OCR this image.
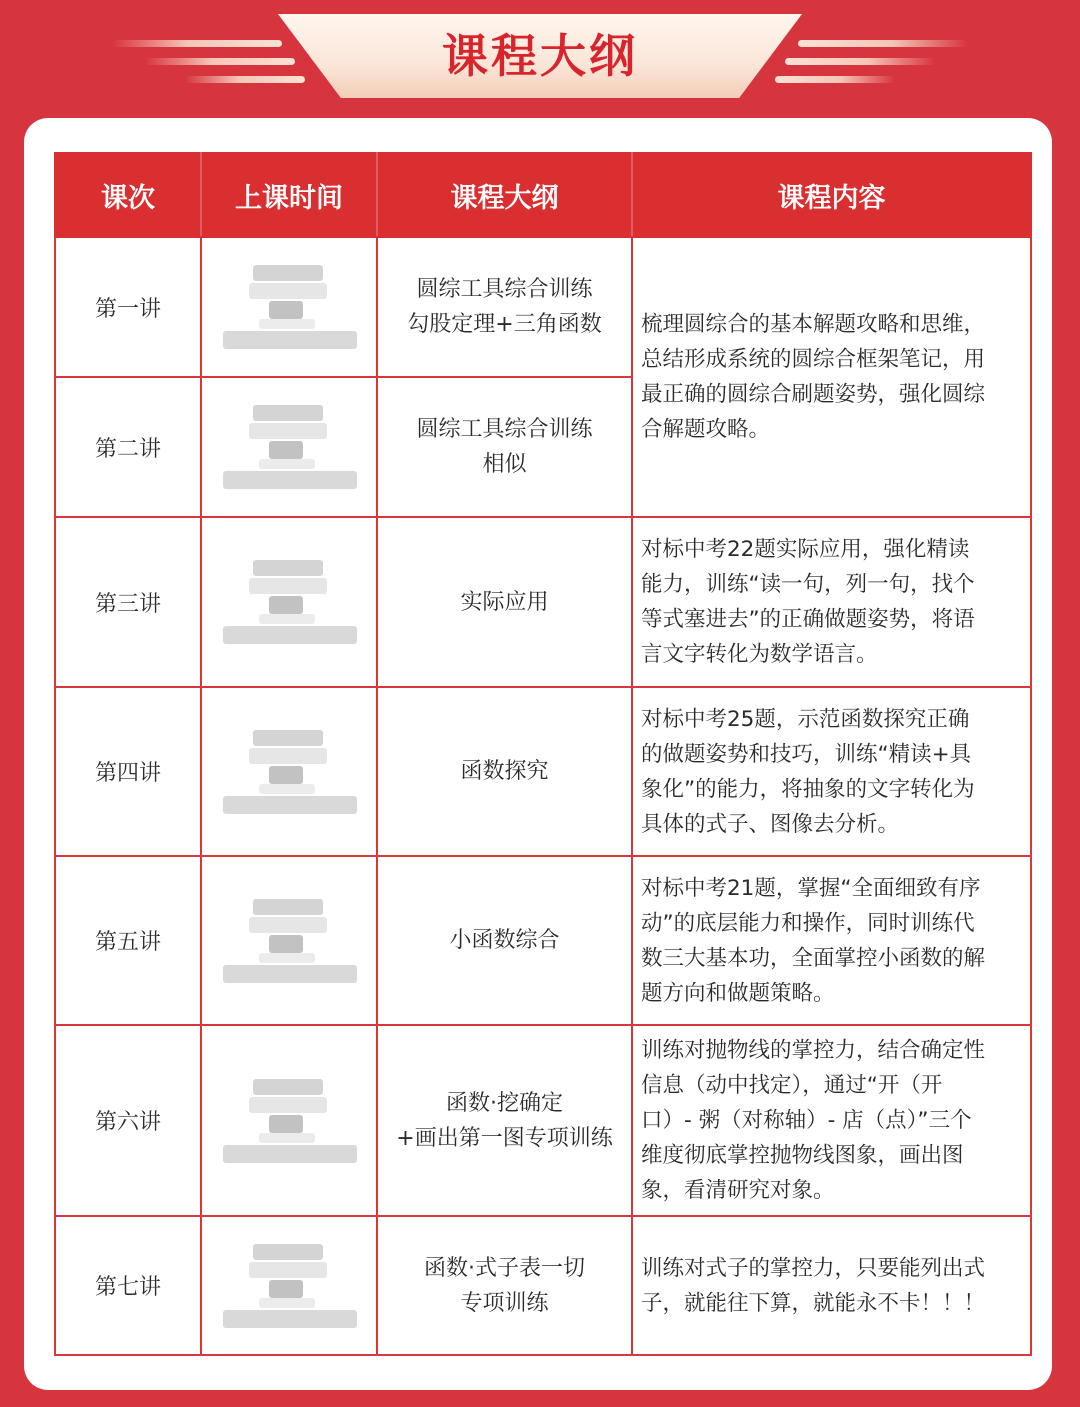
课程大纲
课次	上课时间	课程大纲	课程内容
第一讲		圆综工具综合训练
勾股定理+三角函数	梳理圆综合的基本解题攻略和思维，
总结形成系统的圆综合框架笔记，用
最正确的圆综合刷题姿势，强化圆综
合解题攻略。

第二讲		圆综工具综合训练
相似	

第三讲		实际应用	对标中考22题实际应用，强化精读
能力，训练“读一句，列一句，找个
等式塞进去”的正确做题姿势，将语
言文字转化为数学语言。

第四讲		函数探究	对标中考25题，示范函数探究正确
的做题姿势和技巧，训练“精读+具
象化”的能力，将抽象的文字转化为
具体的式子、图像去分析。

第五讲		小函数综合	对标中考21题，掌握“全面细致有序
动”的底层能力和操作，同时训练代
数三大基本功，全面掌控小函数的解
题方向和做题策略。

第六讲		函数·挖确定
+画出第一图专项训练	训练对抛物线的掌控力，结合确定性
信息（动中找定），通过“开（开
口）- 粥（对称轴）- 店（点）”三个
维度彻底掌控抛物线图象，画出图
象，看清研究对象。

第七讲		函数·式子表一切
专项训练	训练对式子的掌控力，只要能列出式
子，就能往下算，就能永不卡！！！
